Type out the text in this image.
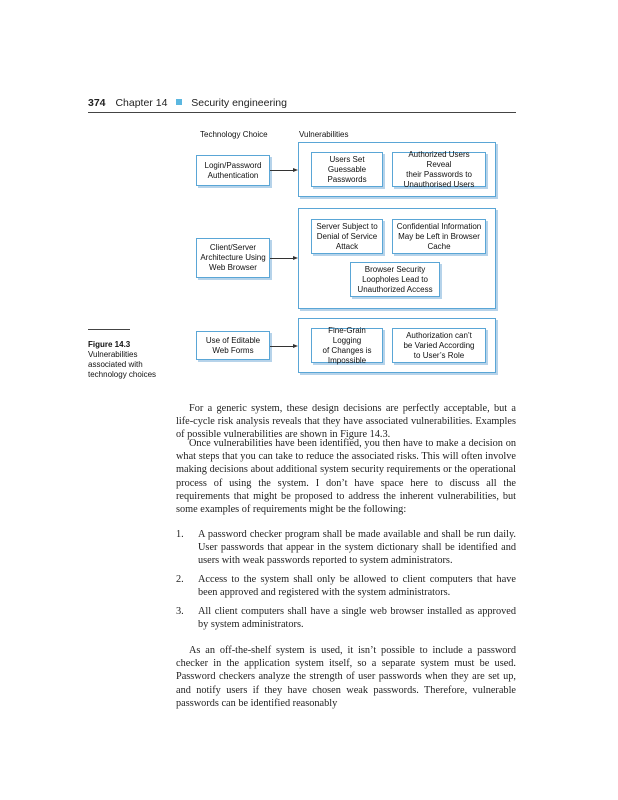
374 Chapter 14 Security engineering
Technology Choice	Vulnerabilities
Login/Password
Authentication
Client/Server
Architecture Using
Web Browser
Use of Editable
Web Forms
Users Set
Guessable
Passwords
Authorized Users Reveal
their Passwords to
Unauthorised Users
Server Subject to
Denial of Service
Attack
Confidential Information
May be Left in Browser
Cache
Browser Security
Loopholes Lead to
Unauthorized Access
Fine-Grain Logging
of Changes is
Impossible
Authorization can’t
be Varied According
to User’s Role
Figure 14.3
Vulnerabilities associated with technology choices

For a generic system, these design decisions are perfectly acceptable, but a life-cycle risk analysis reveals that they have associated vulnerabilities. Examples of possible vulnerabilities are shown in Figure 14.3.

Once vulnerabilities have been identified, you then have to make a decision on what steps that you can take to reduce the associated risks. This will often involve making decisions about additional system security requirements or the operational process of using the system. I don’t have space here to discuss all the requirements that might be proposed to address the inherent vulnerabilities, but some examples of requirements might be the following:

1.	A password checker program shall be made available and shall be run daily. User passwords that appear in the system dictionary shall be identified and users with weak passwords reported to system administrators.
2.	Access to the system shall only be allowed to client computers that have been approved and registered with the system administrators.
3.	All client computers shall have a single web browser installed as approved by system administrators.

As an off-the-shelf system is used, it isn’t possible to include a password checker in the application system itself, so a separate system must be used. Password checkers analyze the strength of user passwords when they are set up, and notify users if they have chosen weak passwords. Therefore, vulnerable passwords can be identified reasonably
